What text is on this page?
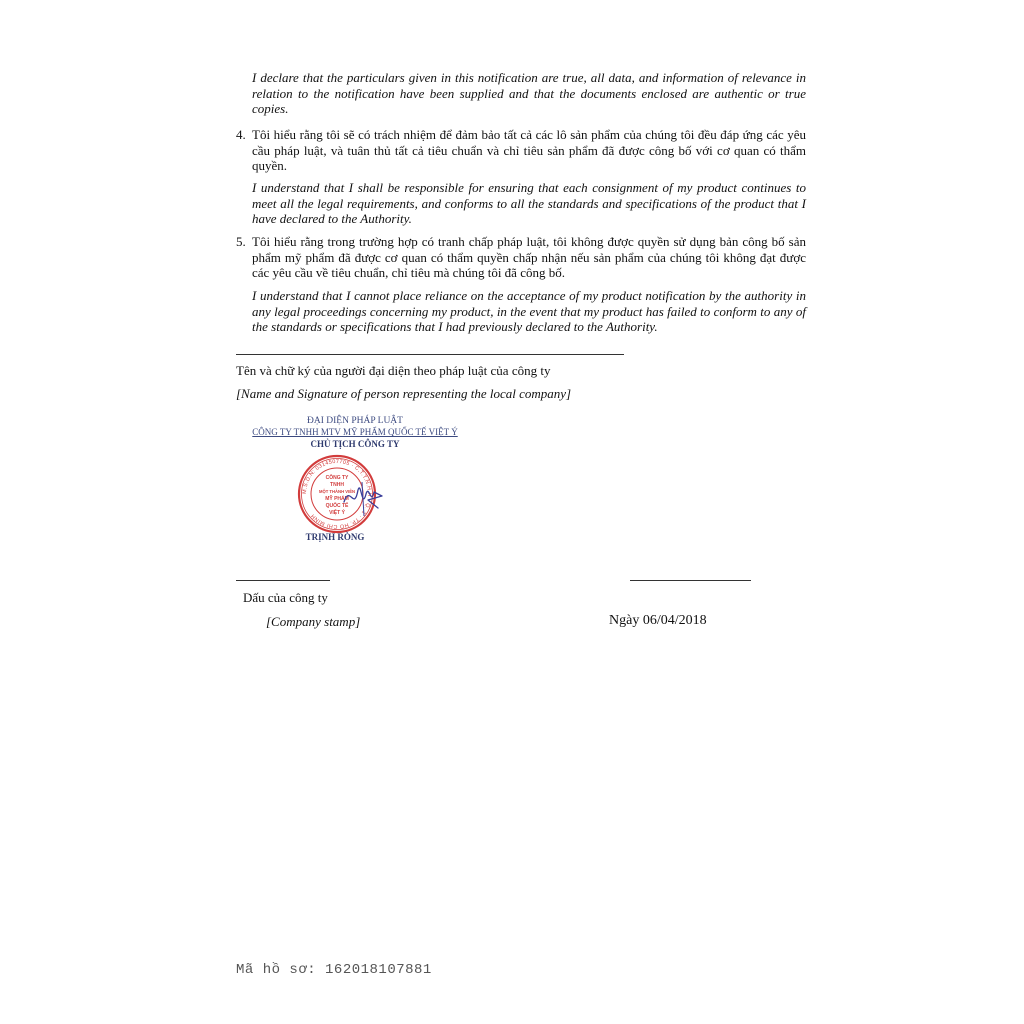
I declare that the particulars given in this notification are true, all data, and information of relevance in relation to the notification have been supplied and that the documents enclosed are authentic or true copies.
4. Tôi hiểu rằng tôi sẽ có trách nhiệm để đảm bảo tất cả các lô sản phẩm của chúng tôi đều đáp ứng các yêu cầu pháp luật, và tuân thủ tất cả tiêu chuẩn và chỉ tiêu sản phẩm đã được công bố với cơ quan có thẩm quyền.
I understand that I shall be responsible for ensuring that each consignment of my product continues to meet all the legal requirements, and conforms to all the standards and specifications of the product that I have declared to the Authority.
5. Tôi hiểu rằng trong trường hợp có tranh chấp pháp luật, tôi không được quyền sử dụng bản công bố sản phẩm mỹ phẩm đã được cơ quan có thẩm quyền chấp nhận nếu sản phẩm của chúng tôi không đạt được các yêu cầu về tiêu chuẩn, chỉ tiêu mà chúng tôi đã công bố.
I understand that I cannot place reliance on the acceptance of my product notification by the authority in any legal proceedings concerning my product, in the event that my product has failed to conform to any of the standards or specifications that I had previously declared to the Authority.
Tên và chữ ký của người đại diện theo pháp luật của công ty
[Name and Signature of person representing the local company]
ĐẠI DIỆN PHÁP LUẬT
CÔNG TY TNHH MTV MỸ PHẨM QUỐC TẾ VIỆT Ý
CHỦ TỊCH CÔNG TY
M.S.D.N: 0314507705 · C.T.T.N.H.H · Q. 1 · TP. HỒ CHÍ MINH
CÔNG TY
TNHH
MỘT THÀNH VIÊN
MỸ PHẨM
QUỐC TẾ
VIỆT Ý
TRỊNH RÒNG
Dấu của công ty
[Company stamp]	Ngày 06/04/2018
Mã hồ sơ: 162018107881
